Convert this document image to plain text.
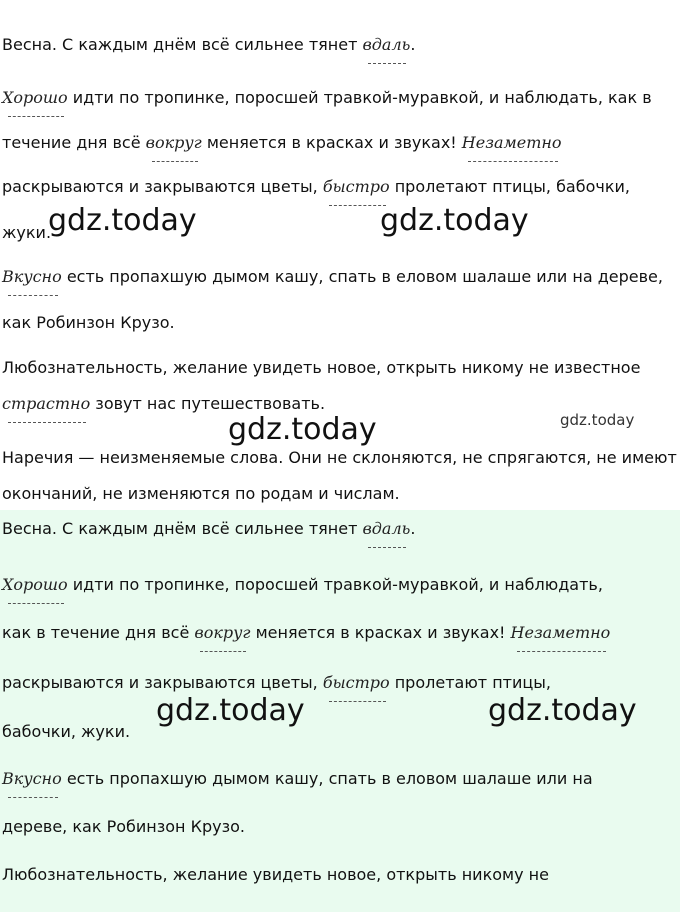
Весна. С каждым днём всё сильнее тянет вдаль.
Хорошо идти по тропинке, поросшей травкой-муравкой, и наблюдать, как в
течение дня всё вокруг меняется в красках и звуках! Незаметно
раскрываются и закрываются цветы, быстро пролетают птицы, бабочки,
жуки.
Вкусно есть пропахшую дымом кашу, спать в еловом шалаше или на дереве,
как Робинзон Крузо.
Любознательность, желание увидеть новое, открыть никому не известное
страстно зовут нас путешествовать.
Наречия — неизменяемые слова. Они не склоняются, не спрягаются, не имеют
окончаний, не изменяются по родам и числам.
gdz.today	gdz.today
gdz.today	gdz.today
Весна. С каждым днём всё сильнее тянет вдаль.
Хорошо идти по тропинке, поросшей травкой-муравкой, и наблюдать,
как в течение дня всё вокруг меняется в красках и звуках! Незаметно
раскрываются и закрываются цветы, быстро пролетают птицы,
бабочки, жуки.
Вкусно есть пропахшую дымом кашу, спать в еловом шалаше или на
дереве, как Робинзон Крузо.
Любознательность, желание увидеть новое, открыть никому не
gdz.today	gdz.today
